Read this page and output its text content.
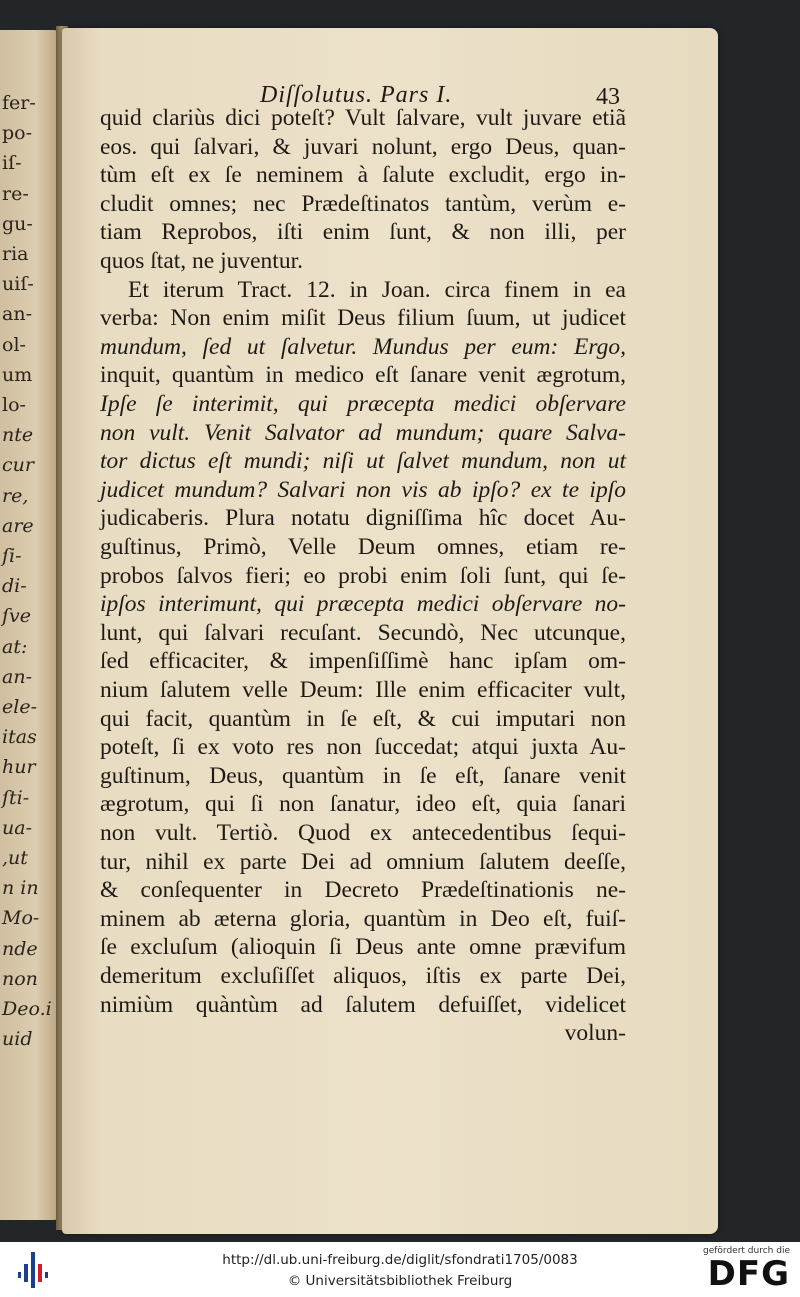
fer-
po-
iſ-
re-
gu-
ria
uiſ-
an-
ol-
um
lo-
nte
cur
re,
are
ſi-
di-
ſve
at:
an-
ele-
itas
hur
ſti-
ua-
,ut
n in
Mo-
nde
non
Deo.i
uid
Diſſolutus. Pars I.	43
quid clariùs dici poteſt? Vult ſalvare, vult juvare etiã
eos. qui ſalvari, & juvari nolunt, ergo Deus, quan-
tùm eſt ex ſe neminem à ſalute excludit, ergo in-
cludit omnes; nec Prædeſtinatos tantùm, verùm e-
tiam Reprobos, iſti enim ſunt, & non illi, per
quos ſtat, ne juventur.
Et iterum Tract. 12. in Joan. circa finem in ea
verba: Non enim miſit Deus filium ſuum, ut judicet
mundum, ſed ut ſalvetur. Mundus per eum: Ergo,
inquit, quantùm in medico eſt ſanare venit ægrotum,
Ipſe ſe interimit, qui præcepta medici obſervare
non vult. Venit Salvator ad mundum; quare Salva-
tor dictus eſt mundi; niſi ut ſalvet mundum, non ut
judicet mundum? Salvari non vis ab ipſo? ex te ipſo
judicaberis. Plura notatu digniſſima hîc docet Au-
guſtinus, Primò, Velle Deum omnes, etiam re-
probos ſalvos fieri; eo probi enim ſoli ſunt, qui ſe-
ipſos interimunt, qui præcepta medici obſervare no-
lunt, qui ſalvari recuſant. Secundò, Nec utcunque,
ſed efficaciter, & impenſiſſimè hanc ipſam om-
nium ſalutem velle Deum: Ille enim efficaciter vult,
qui facit, quantùm in ſe eſt, & cui imputari non
poteſt, ſi ex voto res non ſuccedat; atqui juxta Au-
guſtinum, Deus, quantùm in ſe eſt, ſanare venit
ægrotum, qui ſi non ſanatur, ideo eſt, quia ſanari
non vult. Tertiò. Quod ex antecedentibus ſequi-
tur, nihil ex parte Dei ad omnium ſalutem deeſſe,
& conſequenter in Decreto Prædeſtinationis ne-
minem ab æterna gloria, quantùm in Deo eſt, fuiſ-
ſe excluſum (alioquin ſi Deus ante omne prævifum
demeritum excluſiſſet aliquos, iſtis ex parte Dei,
nimiùm quàntùm ad ſalutem defuiſſet, videlicet
volun-
http://dl.ub.uni-freiburg.de/diglit/sfondrati1705/0083
© Universitätsbibliothek Freiburg
gefördert durch die
DFG
